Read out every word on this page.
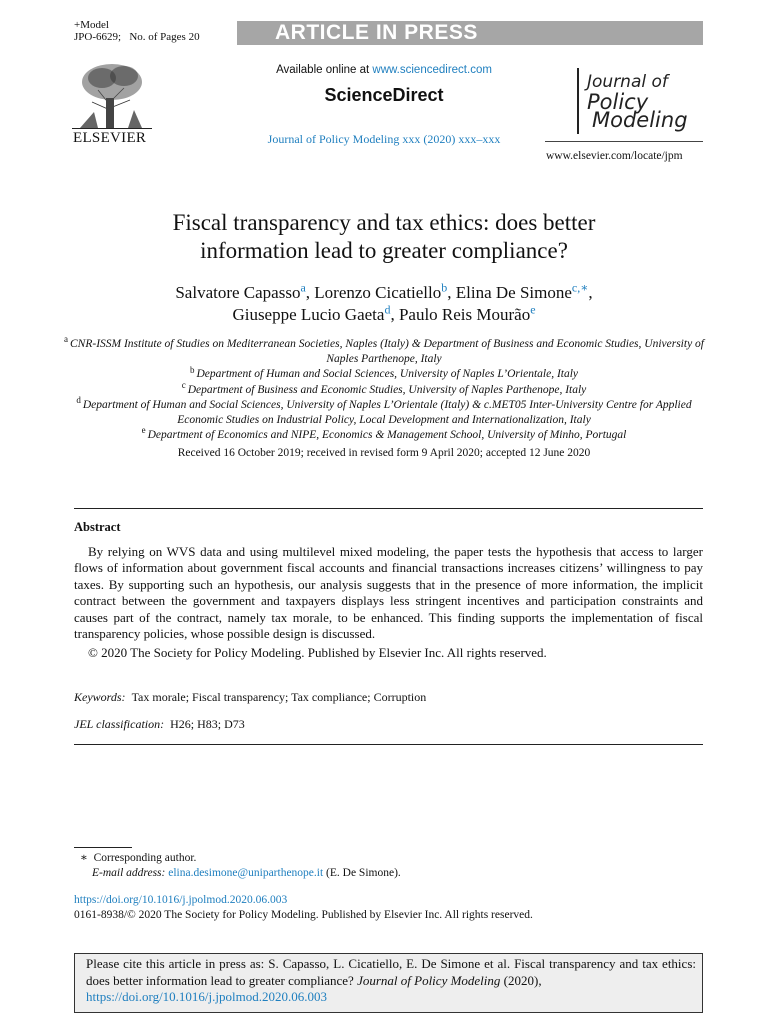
+Model
JPO-6629; No. of Pages 20	ARTICLE IN PRESS
ELSEVIER
Available online at www.sciencedirect.com
ScienceDirect
Journal of Policy Modeling xxx (2020) xxx–xxx
Journal of
Policy
Modeling
www.elsevier.com/locate/jpm
Fiscal transparency and tax ethics: does better
information lead to greater compliance?
Salvatore Capasso$^a$, Lorenzo Cicatiello$^b$, Elina De Simone$^{c,∗}$,
Giuseppe Lucio Gaeta$^d$, Paulo Reis Mourão$^e$
$^a$ CNR-ISSM Institute of Studies on Mediterranean Societies, Naples (Italy) & Department of Business and Economic Studies, University of Naples Parthenope, Italy
$^b$ Department of Human and Social Sciences, University of Naples L’Orientale, Italy
$^c$ Department of Business and Economic Studies, University of Naples Parthenope, Italy
$^d$ Department of Human and Social Sciences, University of Naples L’Orientale (Italy) & c.MET05 Inter-University Centre for Applied Economic Studies on Industrial Policy, Local Development and Internationalization, Italy
$^e$ Department of Economics and NIPE, Economics & Management School, University of Minho, Portugal
Received 16 October 2019; received in revised form 9 April 2020; accepted 12 June 2020
Abstract

By relying on WVS data and using multilevel mixed modeling, the paper tests the hypothesis that access to larger flows of information about government fiscal accounts and financial transactions increases citizens’ willingness to pay taxes. By supporting such an hypothesis, our analysis suggests that in the presence of more information, the implicit contract between the government and taxpayers displays less stringent incentives and participation constraints and causes part of the contract, namely tax morale, to be enhanced. This finding supports the implementation of fiscal transparency policies, whose possible design is discussed.

© 2020 The Society for Policy Modeling. Published by Elsevier Inc. All rights reserved.
Keywords: Tax morale; Fiscal transparency; Tax compliance; Corruption
JEL classification: H26; H83; D73
∗ Corresponding author.
E-mail address: elina.desimone@uniparthenope.it (E. De Simone).
https://doi.org/10.1016/j.jpolmod.2020.06.003
0161-8938/© 2020 The Society for Policy Modeling. Published by Elsevier Inc. All rights reserved.
Please cite this article in press as: S. Capasso, L. Cicatiello, E. De Simone et al. Fiscal transparency and tax ethics: does better information lead to greater compliance? Journal of Policy Modeling (2020),
https://doi.org/10.1016/j.jpolmod.2020.06.003
